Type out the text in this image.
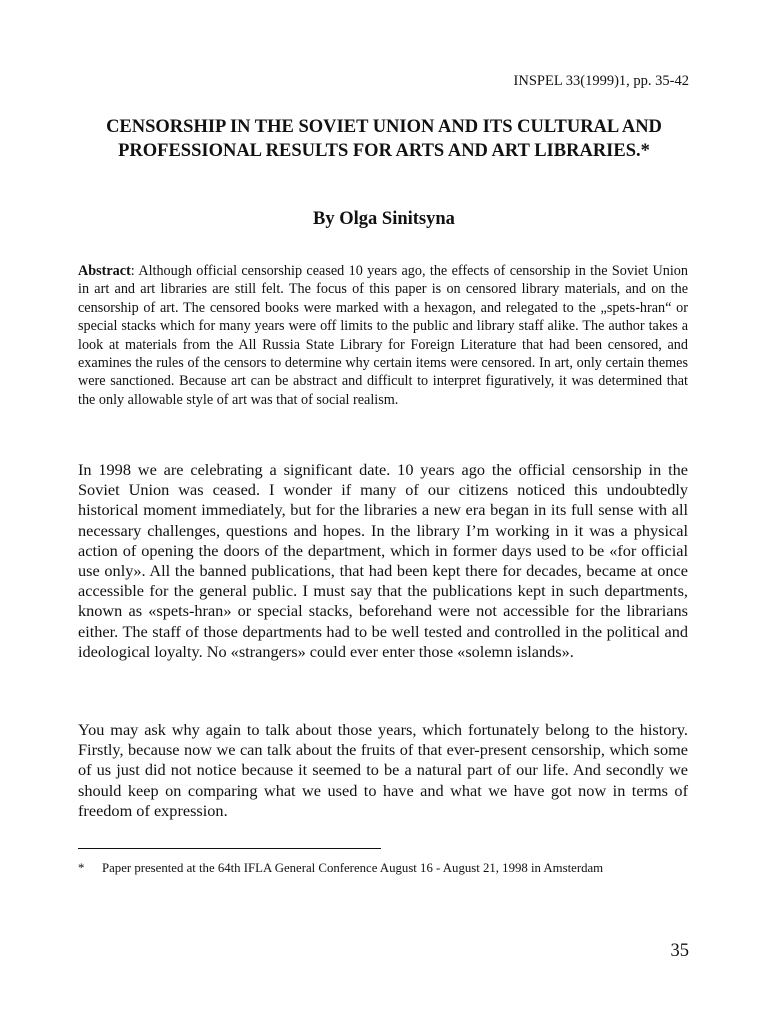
INSPEL 33(1999)1, pp. 35-42
CENSORSHIP IN THE SOVIET UNION AND ITS CULTURAL AND PROFESSIONAL RESULTS FOR ARTS AND ART LIBRARIES.*
By Olga Sinitsyna

Abstract: Although official censorship ceased 10 years ago, the effects of censorship in the Soviet Union in art and art libraries are still felt. The focus of this paper is on censored library materials, and on the censorship of art. The censored books were marked with a hexagon, and relegated to the „spets-hran“ or special stacks which for many years were off limits to the public and library staff alike. The author takes a look at materials from the All Russia State Library for Foreign Literature that had been censored, and examines the rules of the censors to determine why certain items were censored. In art, only certain themes were sanctioned. Because art can be abstract and difficult to interpret figuratively, it was determined that the only allowable style of art was that of social realism.

In 1998 we are celebrating a significant date. 10 years ago the official censorship in the Soviet Union was ceased. I wonder if many of our citizens noticed this undoubtedly historical moment immediately, but for the libraries a new era began in its full sense with all necessary challenges, questions and hopes. In the library I’m working in it was a physical action of opening the doors of the department, which in former days used to be «for official use only». All the banned publications, that had been kept there for decades, became at once accessible for the general public. I must say that the publications kept in such departments, known as «spets-hran» or special stacks, beforehand were not accessible for the librarians either. The staff of those departments had to be well tested and controlled in the political and ideological loyalty. No «strangers» could ever enter those «solemn islands».

You may ask why again to talk about those years, which fortunately belong to the history. Firstly, because now we can talk about the fruits of that ever-present censorship, which some of us just did not notice because it seemed to be a natural part of our life. And secondly we should keep on comparing what we used to have and what we have got now in terms of freedom of expression.

* Paper presented at the 64th IFLA General Conference August 16 - August 21, 1998 in Amsterdam
35
